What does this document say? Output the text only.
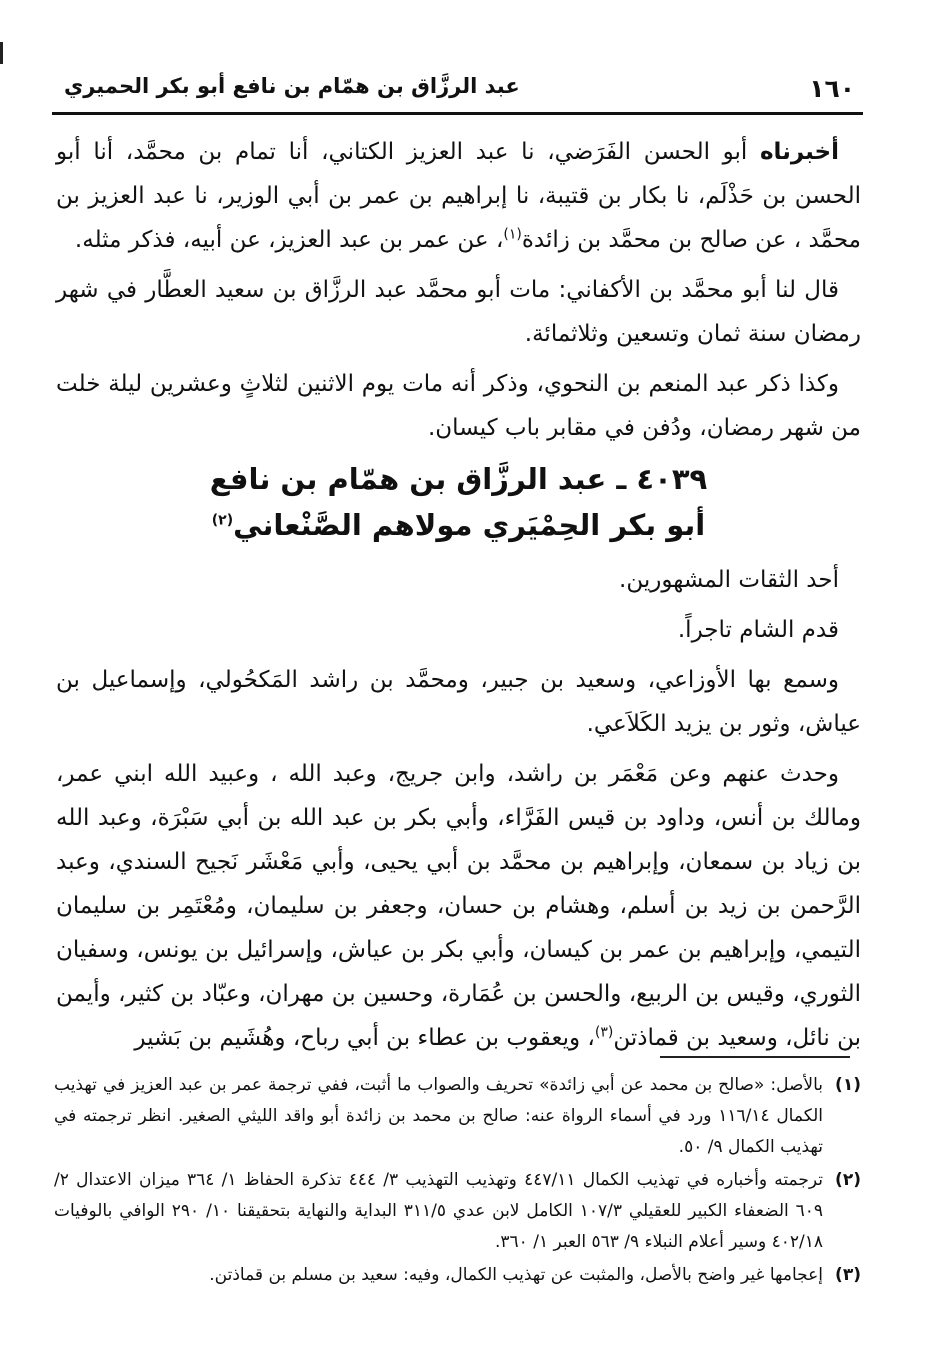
١٦٠
عبد الرزَّاق بن همّام بن نافع أبو بكر الحميري

أخبرناه أبو الحسن الفَرَضي، نا عبد العزيز الكتاني، أنا تمام بن محمَّد، أنا أبو الحسن بن حَذْلَم، نا بكار بن قتيبة، نا إبراهيم بن عمر بن أبي الوزير، نا عبد العزيز بن محمَّد ، عن صالح بن محمَّد بن زائدة$^{(١)}$، عن عمر بن عبد العزيز، عن أبيه، فذكر مثله.

قال لنا أبو محمَّد بن الأكفاني: مات أبو محمَّد عبد الرزَّاق بن سعيد العطَّار في شهر رمضان سنة ثمان وتسعين وثلاثمائة.

وكذا ذكر عبد المنعم بن النحوي، وذكر أنه مات يوم الاثنين لثلاثٍ وعشرين ليلة خلت من شهر رمضان، ودُفن في مقابر باب كيسان.

٤٠٣٩ ـ عبد الرزَّاق بن همّام بن نافع
أبو بكر الحِمْيَري مولاهم الصَّنْعاني$^{(٢)}$

أحد الثقات المشهورين.

قدم الشام تاجراً.

وسمع بها الأوزاعي، وسعيد بن جبير، ومحمَّد بن راشد المَكحُولي، وإسماعيل بن عياش، وثور بن يزيد الكَلاَعي.

وحدث عنهم وعن مَعْمَر بن راشد، وابن جريج، وعبد الله ، وعبيد الله ابني عمر، ومالك بن أنس، وداود بن قيس الفَرَّاء، وأبي بكر بن عبد الله بن أبي سَبْرَة، وعبد الله بن زياد بن سمعان، وإبراهيم بن محمَّد بن أبي يحيى، وأبي مَعْشَر نَجيح السندي، وعبد الرَّحمن بن زيد بن أسلم، وهشام بن حسان، وجعفر بن سليمان، ومُعْتَمِر بن سليمان التيمي، وإبراهيم بن عمر بن كيسان، وأبي بكر بن عياش، وإسرائيل بن يونس، وسفيان الثوري، وقيس بن الربيع، والحسن بن عُمَارة، وحسين بن مهران، وعبّاد بن كثير، وأيمن بن نائل، وسعيد بن قماذتن$^{(٣)}$، ويعقوب بن عطاء بن أبي رباح، وهُشَيم بن بَشير

(١)
بالأصل: «صالح بن محمد عن أبي زائدة» تحريف والصواب ما أثبت، ففي ترجمة عمر بن عبد العزيز في تهذيب الكمال ١١٦/١٤ ورد في أسماء الرواة عنه: صالح بن محمد بن زائدة أبو واقد الليثي الصغير. انظر ترجمته في تهذيب الكمال ٩/ ٥٠.
(٢)
ترجمته وأخباره في تهذيب الكمال ٤٤٧/١١ وتهذيب التهذيب ٣/ ٤٤٤ تذكرة الحفاظ ١/ ٣٦٤ ميزان الاعتدال ٢/ ٦٠٩ الضعفاء الكبير للعقيلي ١٠٧/٣ الكامل لابن عدي ٣١١/٥ البداية والنهاية بتحقيقنا ١٠/ ٢٩٠ الوافي بالوفيات ٤٠٢/١٨ وسير أعلام النبلاء ٩/ ٥٦٣ العبر ١/ ٣٦٠.
(٣)
إعجامها غير واضح بالأصل، والمثبت عن تهذيب الكمال، وفيه: سعيد بن مسلم بن قماذتن.
